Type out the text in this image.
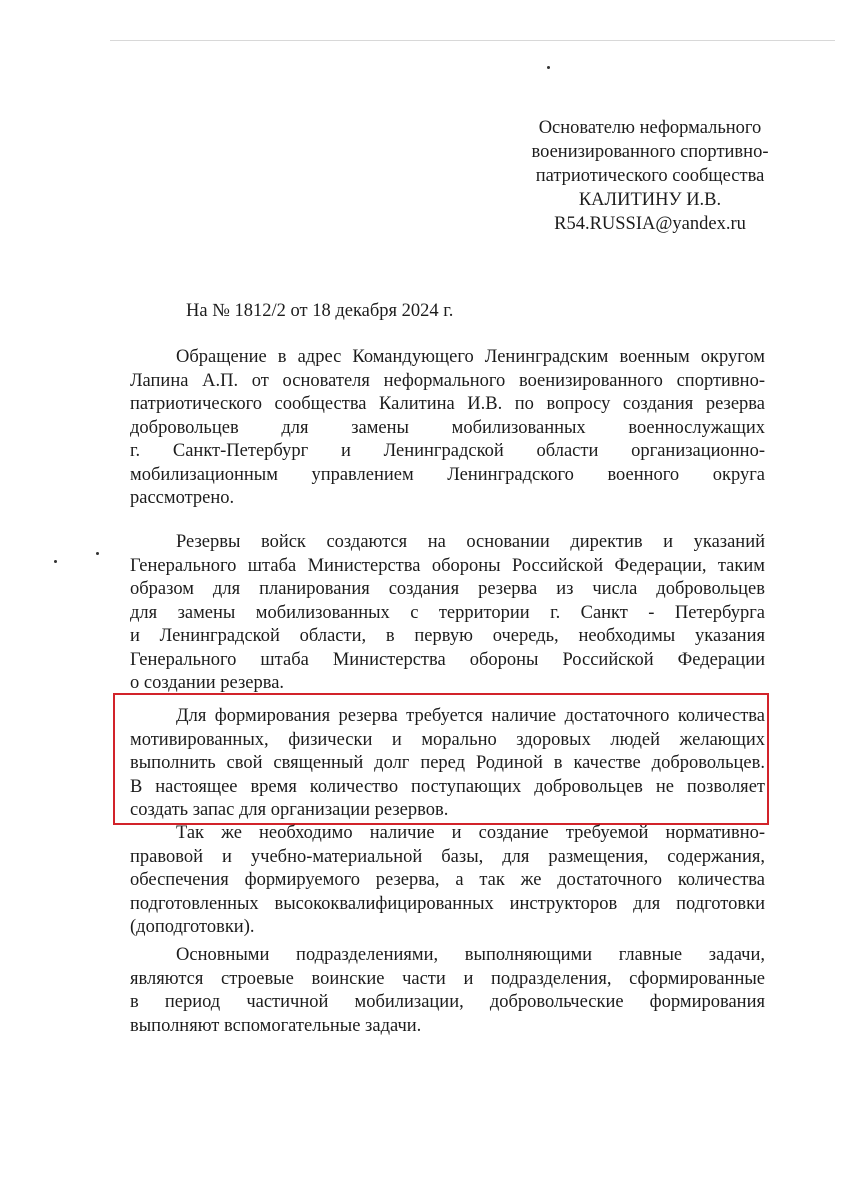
Основателю неформального
военизированного спортивно-
патриотического сообщества
КАЛИТИНУ И.В.
R54.RUSSIA@yandex.ru
На № 1812/2 от 18 декабря 2024 г.
Обращение в адрес Командующего Ленинградским военным округом
Лапина А.П. от основателя неформального военизированного спортивно-
патриотического сообщества Калитина И.В. по вопросу создания резерва
добровольцев для замены мобилизованных военнослужащих
г. Санкт-Петербург и Ленинградской области организационно-
мобилизационным управлением Ленинградского военного округа
рассмотрено.
Резервы войск создаются на основании директив и указаний
Генерального штаба Министерства обороны Российской Федерации, таким
образом для планирования создания резерва из числа добровольцев
для замены мобилизованных с территории г. Санкт - Петербурга
и Ленинградской области, в первую очередь, необходимы указания
Генерального штаба Министерства обороны Российской Федерации
о создании резерва.
Для формирования резерва требуется наличие достаточного количества
мотивированных, физически и морально здоровых людей желающих
выполнить свой священный долг перед Родиной в качестве добровольцев.
В настоящее время количество поступающих добровольцев не позволяет
создать запас для организации резервов.
Так же необходимо наличие и создание требуемой нормативно-
правовой и учебно-материальной базы, для размещения, содержания,
обеспечения формируемого резерва, а так же достаточного количества
подготовленных высококвалифицированных инструкторов для подготовки
(доподготовки).
Основными подразделениями, выполняющими главные задачи,
являются строевые воинские части и подразделения, сформированные
в период частичной мобилизации, добровольческие формирования
выполняют вспомогательные задачи.
